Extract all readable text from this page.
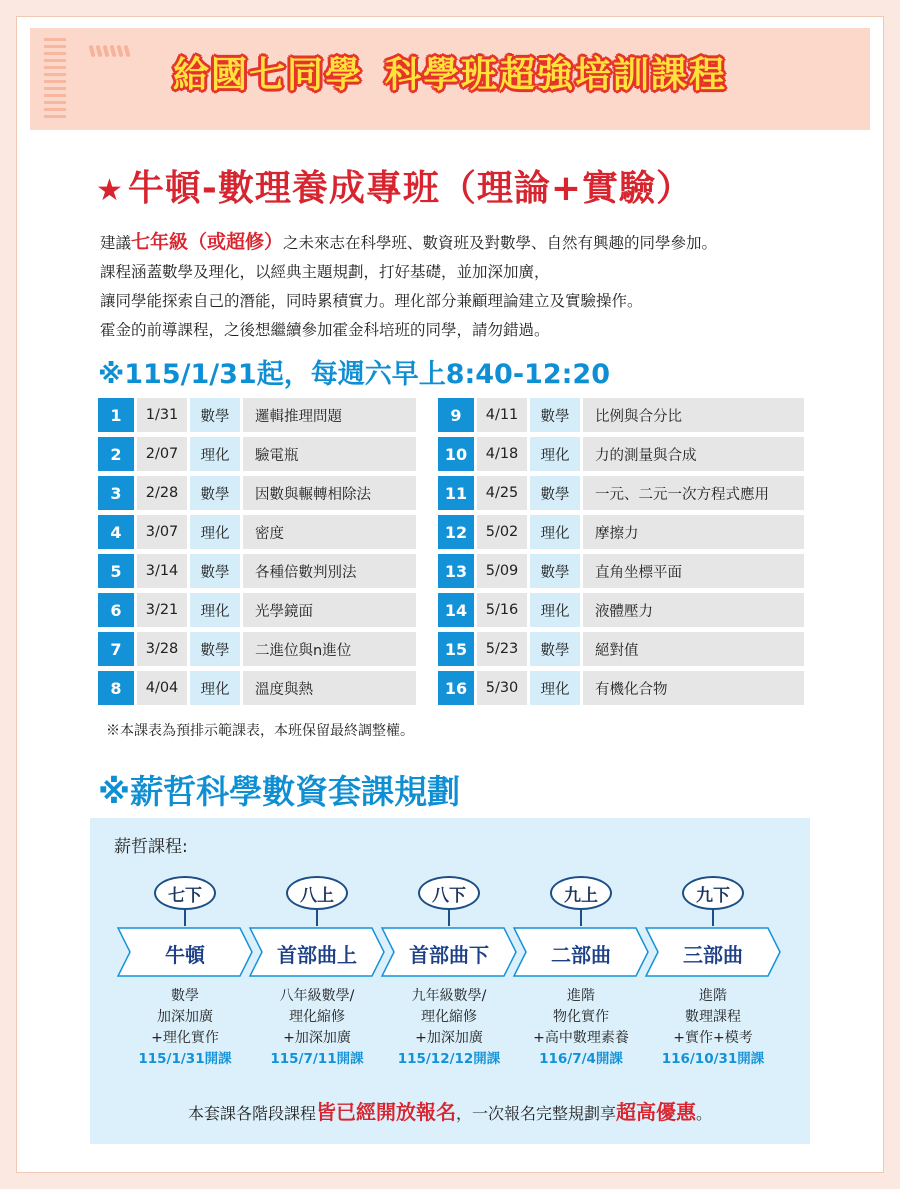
給國七同學 科學班超強培訓課程
★ 牛頓-數理養成專班（理論+實驗）
建議七年級（或超修）之未來志在科學班、數資班及對數學、自然有興趣的同學參加。
課程涵蓋數學及理化，以經典主題規劃，打好基礎，並加深加廣，
讓同學能探索自己的潛能，同時累積實力。理化部分兼顧理論建立及實驗操作。
霍金的前導課程，之後想繼續參加霍金科培班的同學，請勿錯過。
※115/1/31起，每週六早上8:40-12:20
1	1/31	數學	邏輯推理問題
2	2/07	理化	驗電瓶
3	2/28	數學	因數與輾轉相除法
4	3/07	理化	密度
5	3/14	數學	各種倍數判別法
6	3/21	理化	光學鏡面
7	3/28	數學	二進位與n進位
8	4/04	理化	溫度與熱
9	4/11	數學	比例與合分比
10	4/18	理化	力的測量與合成
11	4/25	數學	一元、二元一次方程式應用
12	5/02	理化	摩擦力
13	5/09	數學	直角坐標平面
14	5/16	理化	液體壓力
15	5/23	數學	絕對值
16	5/30	理化	有機化合物
※本課表為預排示範課表，本班保留最終調整權。
※薪哲科學數資套課規劃
薪哲課程:
七下
牛頓
數學
加深加廣
+理化實作
115/1/31開課
八上
首部曲上
八年級數學/
理化縮修
+加深加廣
115/7/11開課
八下
首部曲下
九年級數學/
理化縮修
+加深加廣
115/12/12開課
九上
二部曲
進階
物化實作
+高中數理素養
116/7/4開課
九下
三部曲
進階
數理課程
+實作+模考
116/10/31開課
本套課各階段課程皆已經開放報名，一次報名完整規劃享超高優惠。
